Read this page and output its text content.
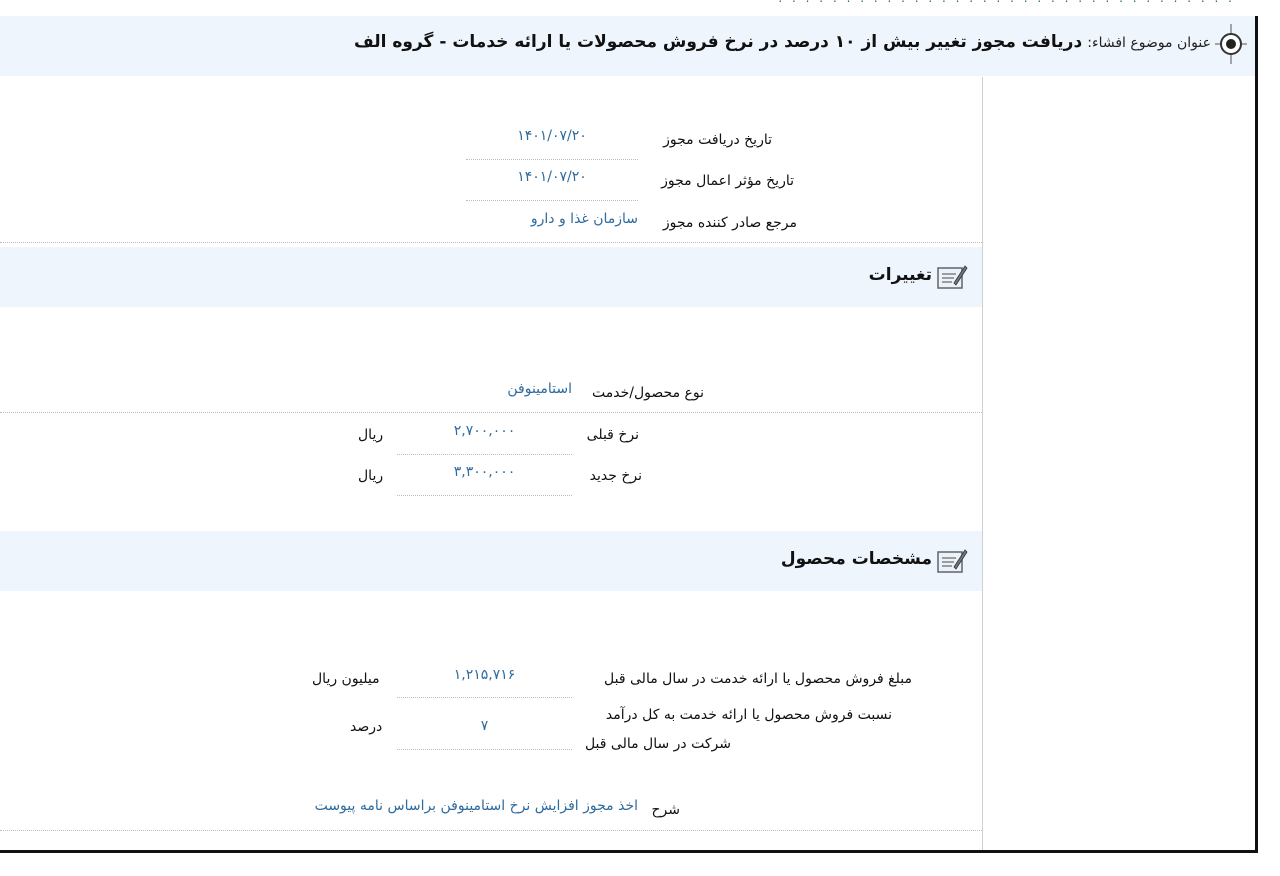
عنوان موضوع افشاء: دریافت مجوز تغییر بیش از ۱۰ درصد در نرخ فروش محصولات یا ارائه خدمات - گروه الف
تاریخ دریافت مجوز
۱۴۰۱/۰۷/۲۰
تاریخ مؤثر اعمال مجوز
۱۴۰۱/۰۷/۲۰
مرجع صادر کننده مجوز
سازمان غذا و دارو
تغییرات
نوع محصول/خدمت
استامینوفن
نرخ قبلی
۲,۷۰۰,۰۰۰
ریال
نرخ جدید
۳,۳۰۰,۰۰۰
ریال
مشخصات محصول
مبلغ فروش محصول یا ارائه خدمت در سال مالی قبل
۱,۲۱۵,۷۱۶
میلیون ریال
نسبت فروش محصول یا ارائه خدمت به کل درآمد
شرکت در سال مالی قبل
۷
درصد
شرح
اخذ مجوز افزایش نرخ استامینوفن براساس نامه پیوست
